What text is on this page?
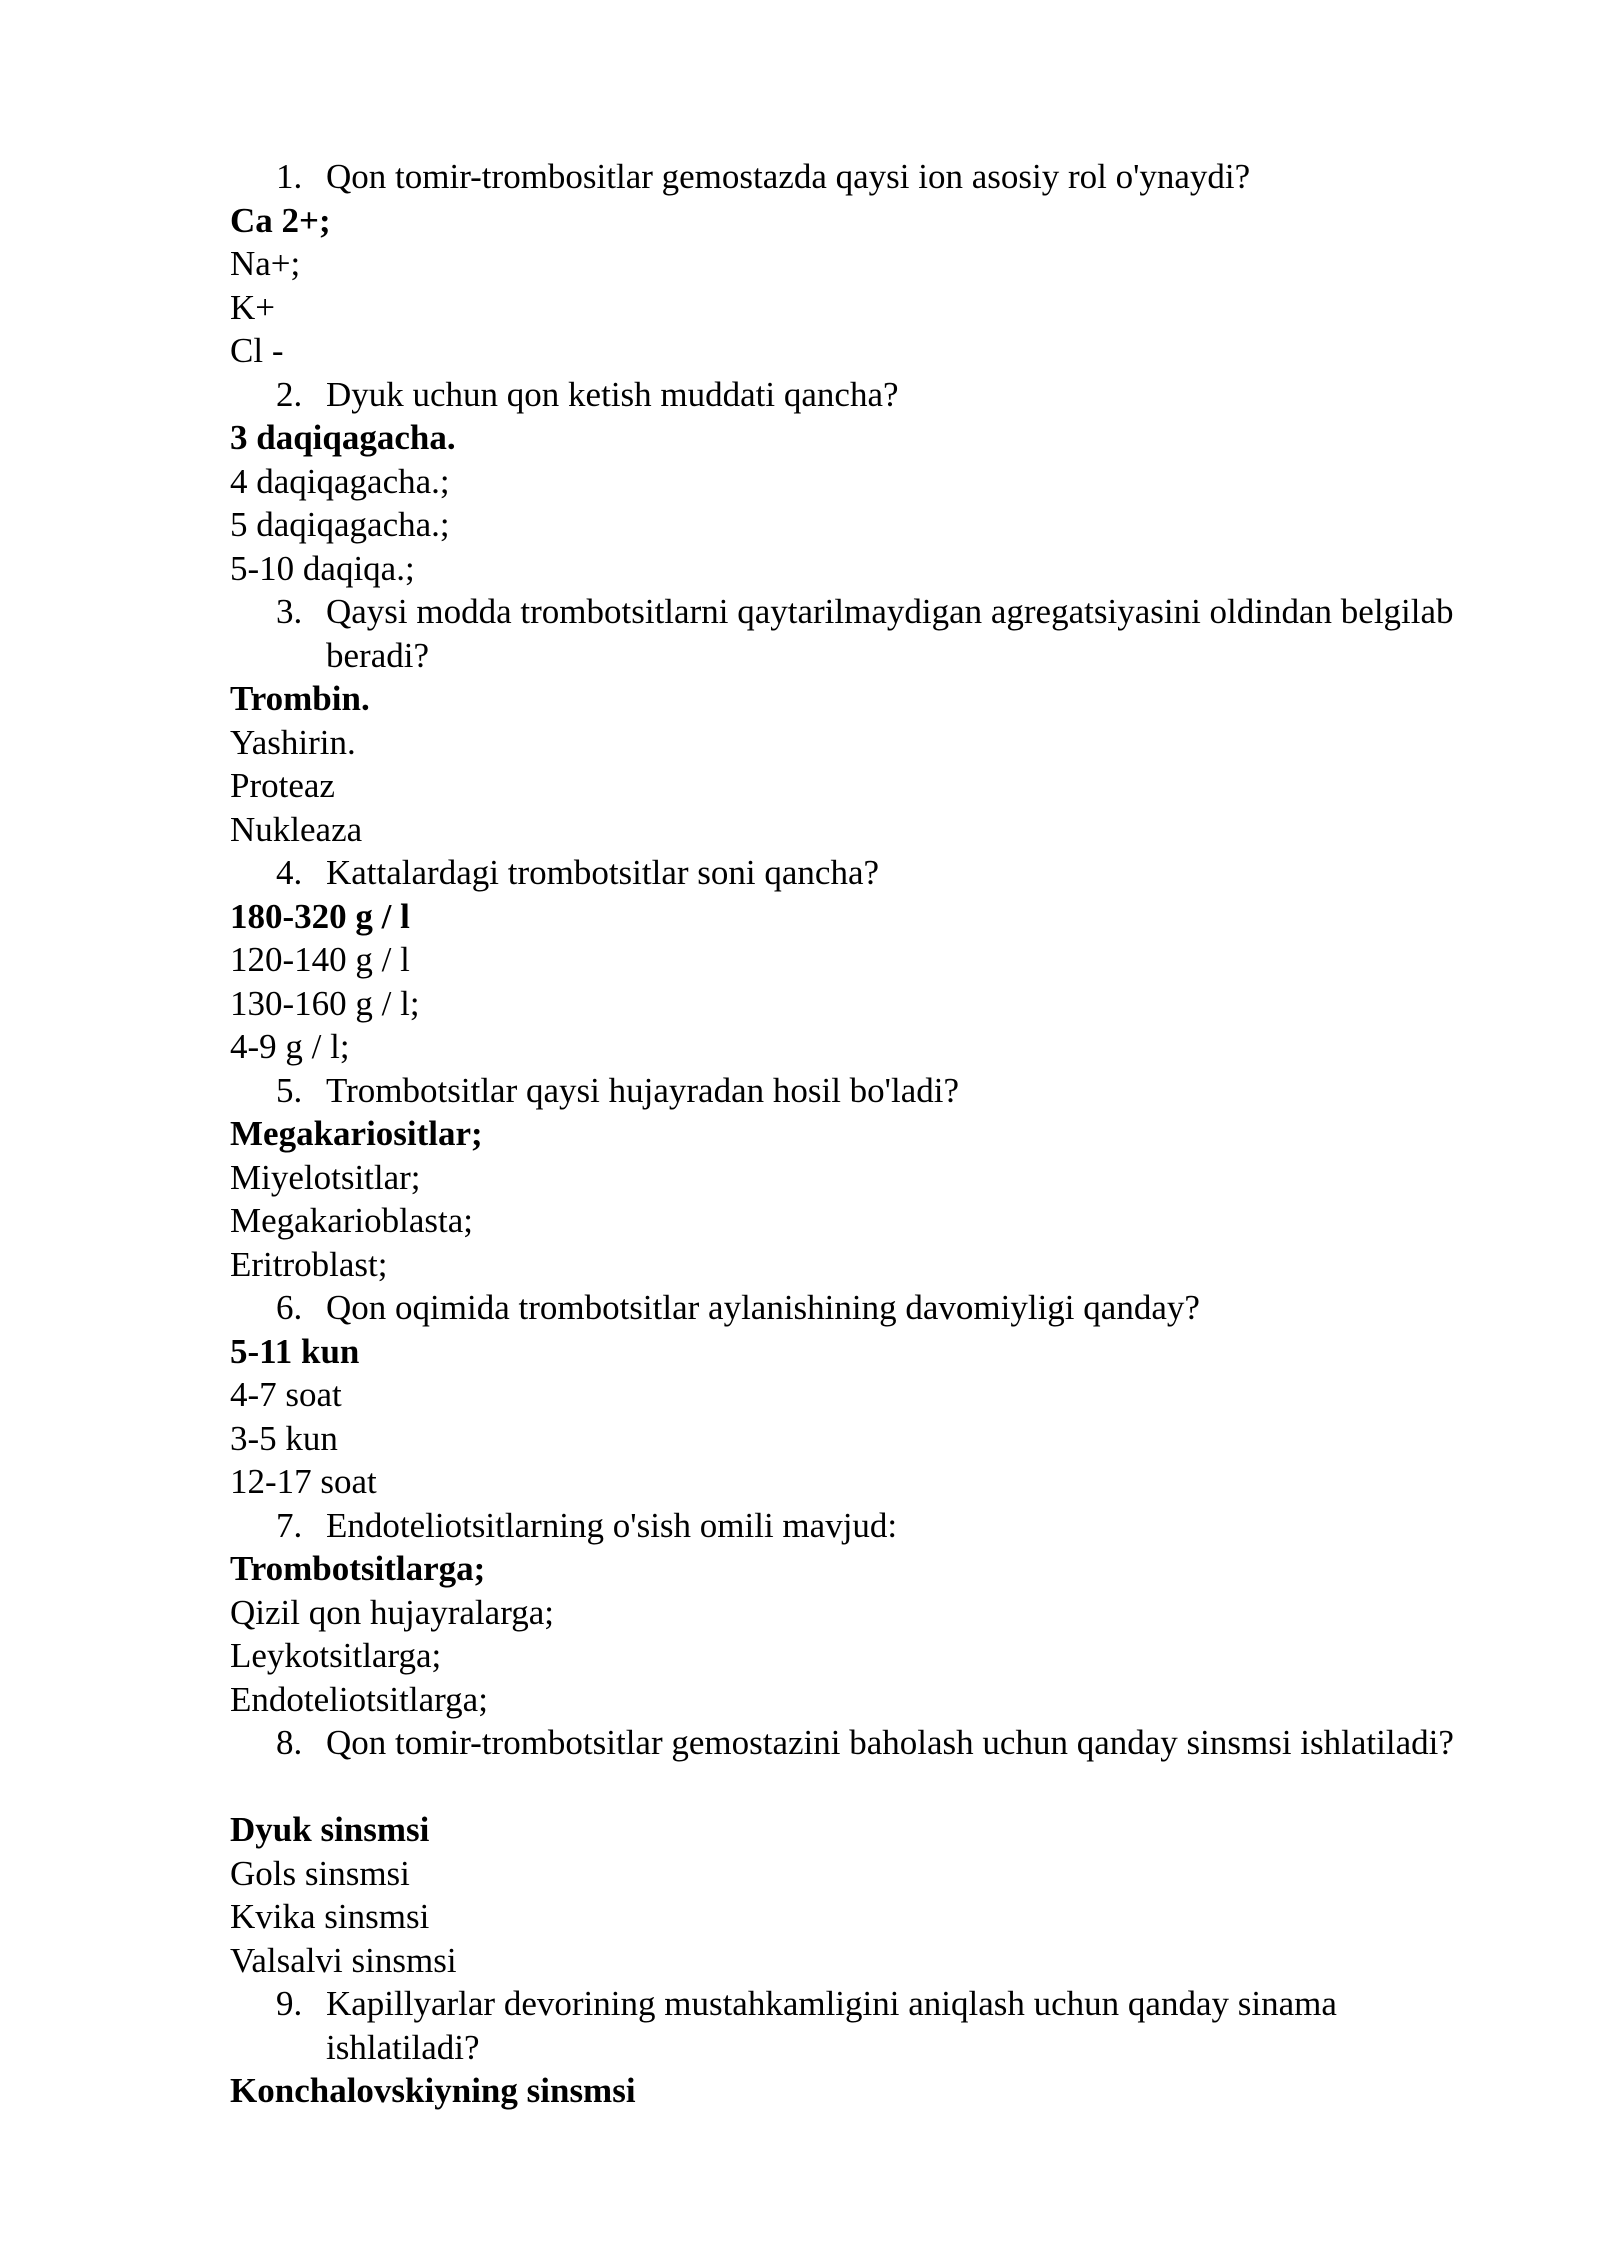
1. Qon tomir-trombositlar gemostazda qaysi ion asosiy rol o'ynaydi?
Ca 2+;
Na+;
K+
Cl -
2. Dyuk uchun qon ketish muddati qancha?
3 daqiqagacha.
4 daqiqagacha.;
5 daqiqagacha.;
5-10 daqiqa.;
3. Qaysi modda trombotsitlarni qaytarilmaydigan agregatsiyasini oldindan belgilab beradi?
Trombin.
Yashirin.
Proteaz
Nukleaza
4. Kattalardagi trombotsitlar soni qancha?
180-320 g / l
120-140 g / l
130-160 g / l;
4-9 g / l;
5. Trombotsitlar qaysi hujayradan hosil bo'ladi?
Megakariositlar;
Miyelotsitlar;
Megakarioblasta;
Eritroblast;
6. Qon oqimida trombotsitlar aylanishining davomiyligi qanday?
5-11 kun
4-7 soat
3-5 kun
12-17 soat
7. Endoteliotsitlarning o'sish omili mavjud:
Trombotsitlarga;
Qizil qon hujayralarga;
Leykotsitlarga;
Endoteliotsitlarga;
8. Qon tomir-trombotsitlar gemostazini baholash uchun qanday sinsmsi ishlatiladi?
Dyuk sinsmsi
Gols sinsmsi
Kvika sinsmsi
Valsalvi sinsmsi
9. Kapillyarlar devorining mustahkamligini aniqlash uchun qanday sinama ishlatiladi?
Konchalovskiyning sinsmsi
